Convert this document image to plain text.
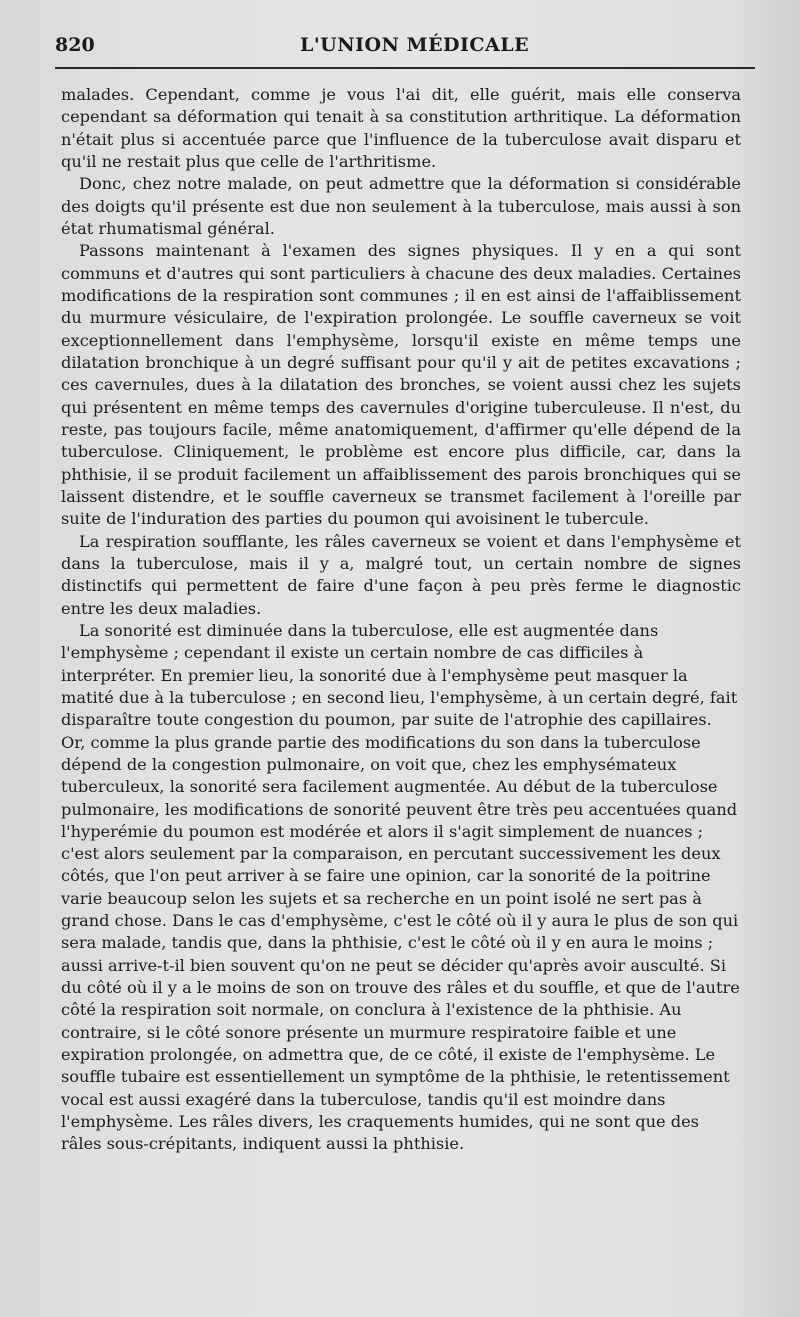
820	L'UNION MÉDICALE

malades. Cependant, comme je vous l'ai dit, elle guérit, mais elle conserva cependant sa déformation qui tenait à sa constitution arthritique. La déformation n'était plus si accentuée parce que l'influence de la tuberculose avait disparu et qu'il ne restait plus que celle de l'arthritisme.

Donc, chez notre malade, on peut admettre que la déformation si considérable des doigts qu'il présente est due non seulement à la tuberculose, mais aussi à son état rhumatismal général.

Passons maintenant à l'examen des signes physiques. Il y en a qui sont communs et d'autres qui sont particuliers à chacune des deux maladies. Certaines modifications de la respiration sont communes ; il en est ainsi de l'affaiblissement du murmure vésiculaire, de l'expiration prolongée. Le souffle caverneux se voit exceptionnellement dans l'emphysème, lorsqu'il existe en même temps une dilatation bronchique à un degré suffisant pour qu'il y ait de petites excavations ; ces cavernules, dues à la dilatation des bronches, se voient aussi chez les sujets qui présentent en même temps des cavernules d'origine tuberculeuse. Il n'est, du reste, pas toujours facile, même anatomiquement, d'affirmer qu'elle dépend de la tuberculose. Cliniquement, le problème est encore plus difficile, car, dans la phthisie, il se produit facilement un affaiblissement des parois bronchiques qui se laissent distendre, et le souffle caverneux se transmet facilement à l'oreille par suite de l'induration des parties du poumon qui avoisinent le tubercule.

La respiration soufflante, les râles caverneux se voient et dans l'emphysème et dans la tuberculose, mais il y a, malgré tout, un certain nombre de signes distinctifs qui permettent de faire d'une façon à peu près ferme le diagnostic entre les deux maladies.

La sonorité est diminuée dans la tuberculose, elle est augmentée dans l'emphysème ; cependant il existe un certain nombre de cas difficiles à interpréter. En premier lieu, la sonorité due à l'emphysème peut masquer la matité due à la tuberculose ; en second lieu, l'emphysème, à un certain degré, fait disparaître toute congestion du poumon, par suite de l'atrophie des capillaires. Or, comme la plus grande partie des modifications du son dans la tuberculose dépend de la congestion pulmonaire, on voit que, chez les emphysémateux tuberculeux, la sonorité sera facilement augmentée. Au début de la tuberculose pulmonaire, les modifications de sonorité peuvent être très peu accentuées quand l'hyperémie du poumon est modérée et alors il s'agit simplement de nuances ; c'est alors seulement par la comparaison, en percutant successivement les deux côtés, que l'on peut arriver à se faire une opinion, car la sonorité de la poitrine varie beaucoup selon les sujets et sa recherche en un point isolé ne sert pas à grand chose. Dans le cas d'emphysème, c'est le côté où il y aura le plus de son qui sera malade, tandis que, dans la phthisie, c'est le côté où il y en aura le moins ; aussi arrive-t-il bien souvent qu'on ne peut se décider qu'après avoir ausculté. Si du côté où il y a le moins de son on trouve des râles et du souffle, et que de l'autre côté la respiration soit normale, on conclura à l'existence de la phthisie. Au contraire, si le côté sonore présente un murmure respiratoire faible et une expiration prolongée, on admettra que, de ce côté, il existe de l'emphysème. Le souffle tubaire est essentiellement un symptôme de la phthisie, le retentissement vocal est aussi exagéré dans la tuberculose, tandis qu'il est moindre dans l'emphysème. Les râles divers, les craquements humides, qui ne sont que des râles sous-crépitants, indiquent aussi la phthisie.
